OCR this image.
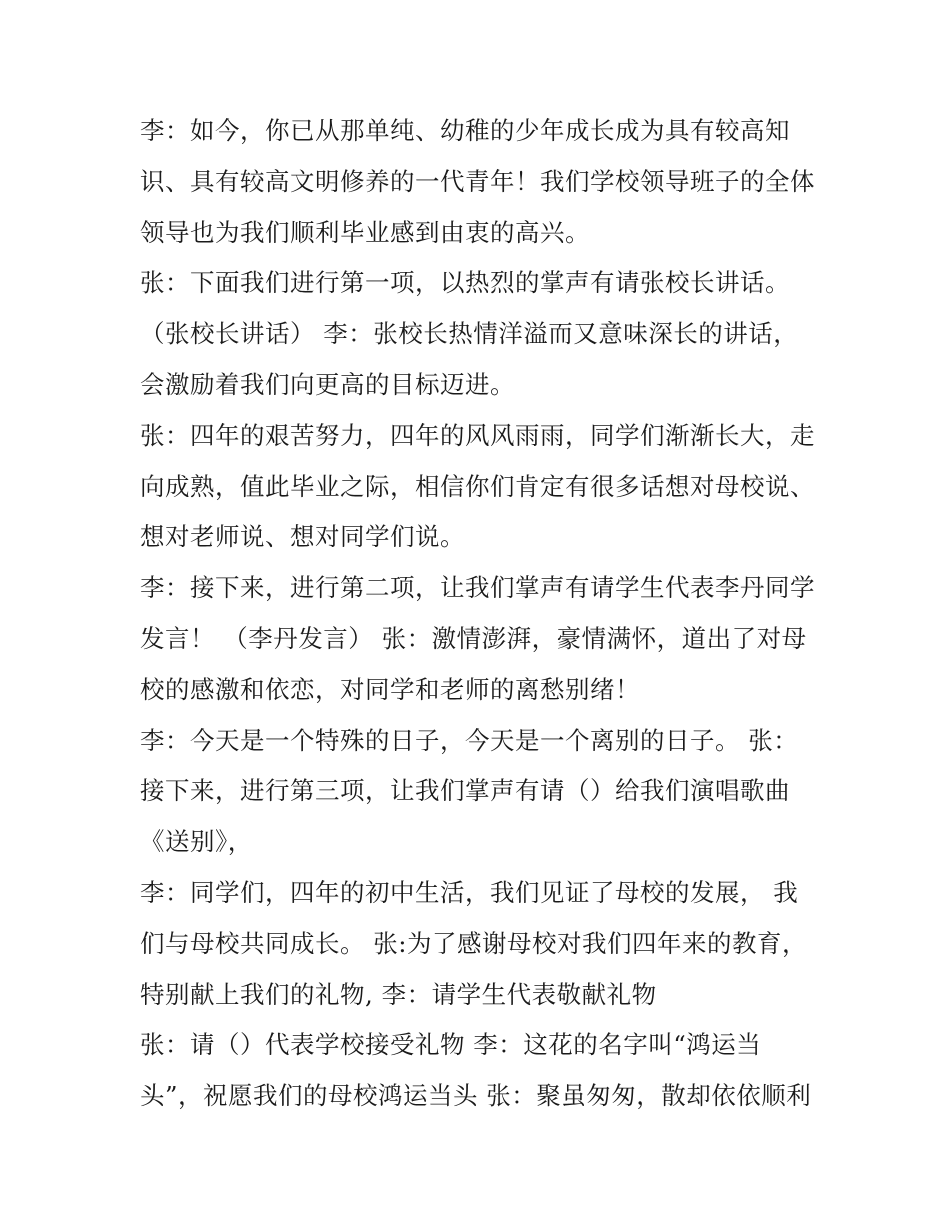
李：如今，你已从那单纯、幼稚的少年成长成为具有较高知
识、具有较高文明修养的一代青年！我们学校领导班子的全体
领导也为我们顺利毕业感到由衷的高兴。
张：下面我们进行第一项，以热烈的掌声有请张校长讲话。
（张校长讲话） 李：张校长热情洋溢而又意味深长的讲话，
会激励着我们向更高的目标迈进。
张：四年的艰苦努力，四年的风风雨雨，同学们渐渐长大，走
向成熟，值此毕业之际，相信你们肯定有很多话想对母校说、
想对老师说、想对同学们说。
李：接下来，进行第二项，让我们掌声有请学生代表李丹同学
发言！ （李丹发言） 张：激情澎湃，豪情满怀，道出了对母
校的感激和依恋，对同学和老师的离愁别绪！
李：今天是一个特殊的日子，今天是一个离别的日子。 张：
接下来，进行第三项，让我们掌声有请（）给我们演唱歌曲
《送别》，
李：同学们，四年的初中生活，我们见证了母校的发展， 我
们与母校共同成长。 张:为了感谢母校对我们四年来的教育，
特别献上我们的礼物, 李：请学生代表敬献礼物
张：请（）代表学校接受礼物 李：这花的名字叫“鸿运当
头”，祝愿我们的母校鸿运当头 张：聚虽匆匆，散却依依顺利
